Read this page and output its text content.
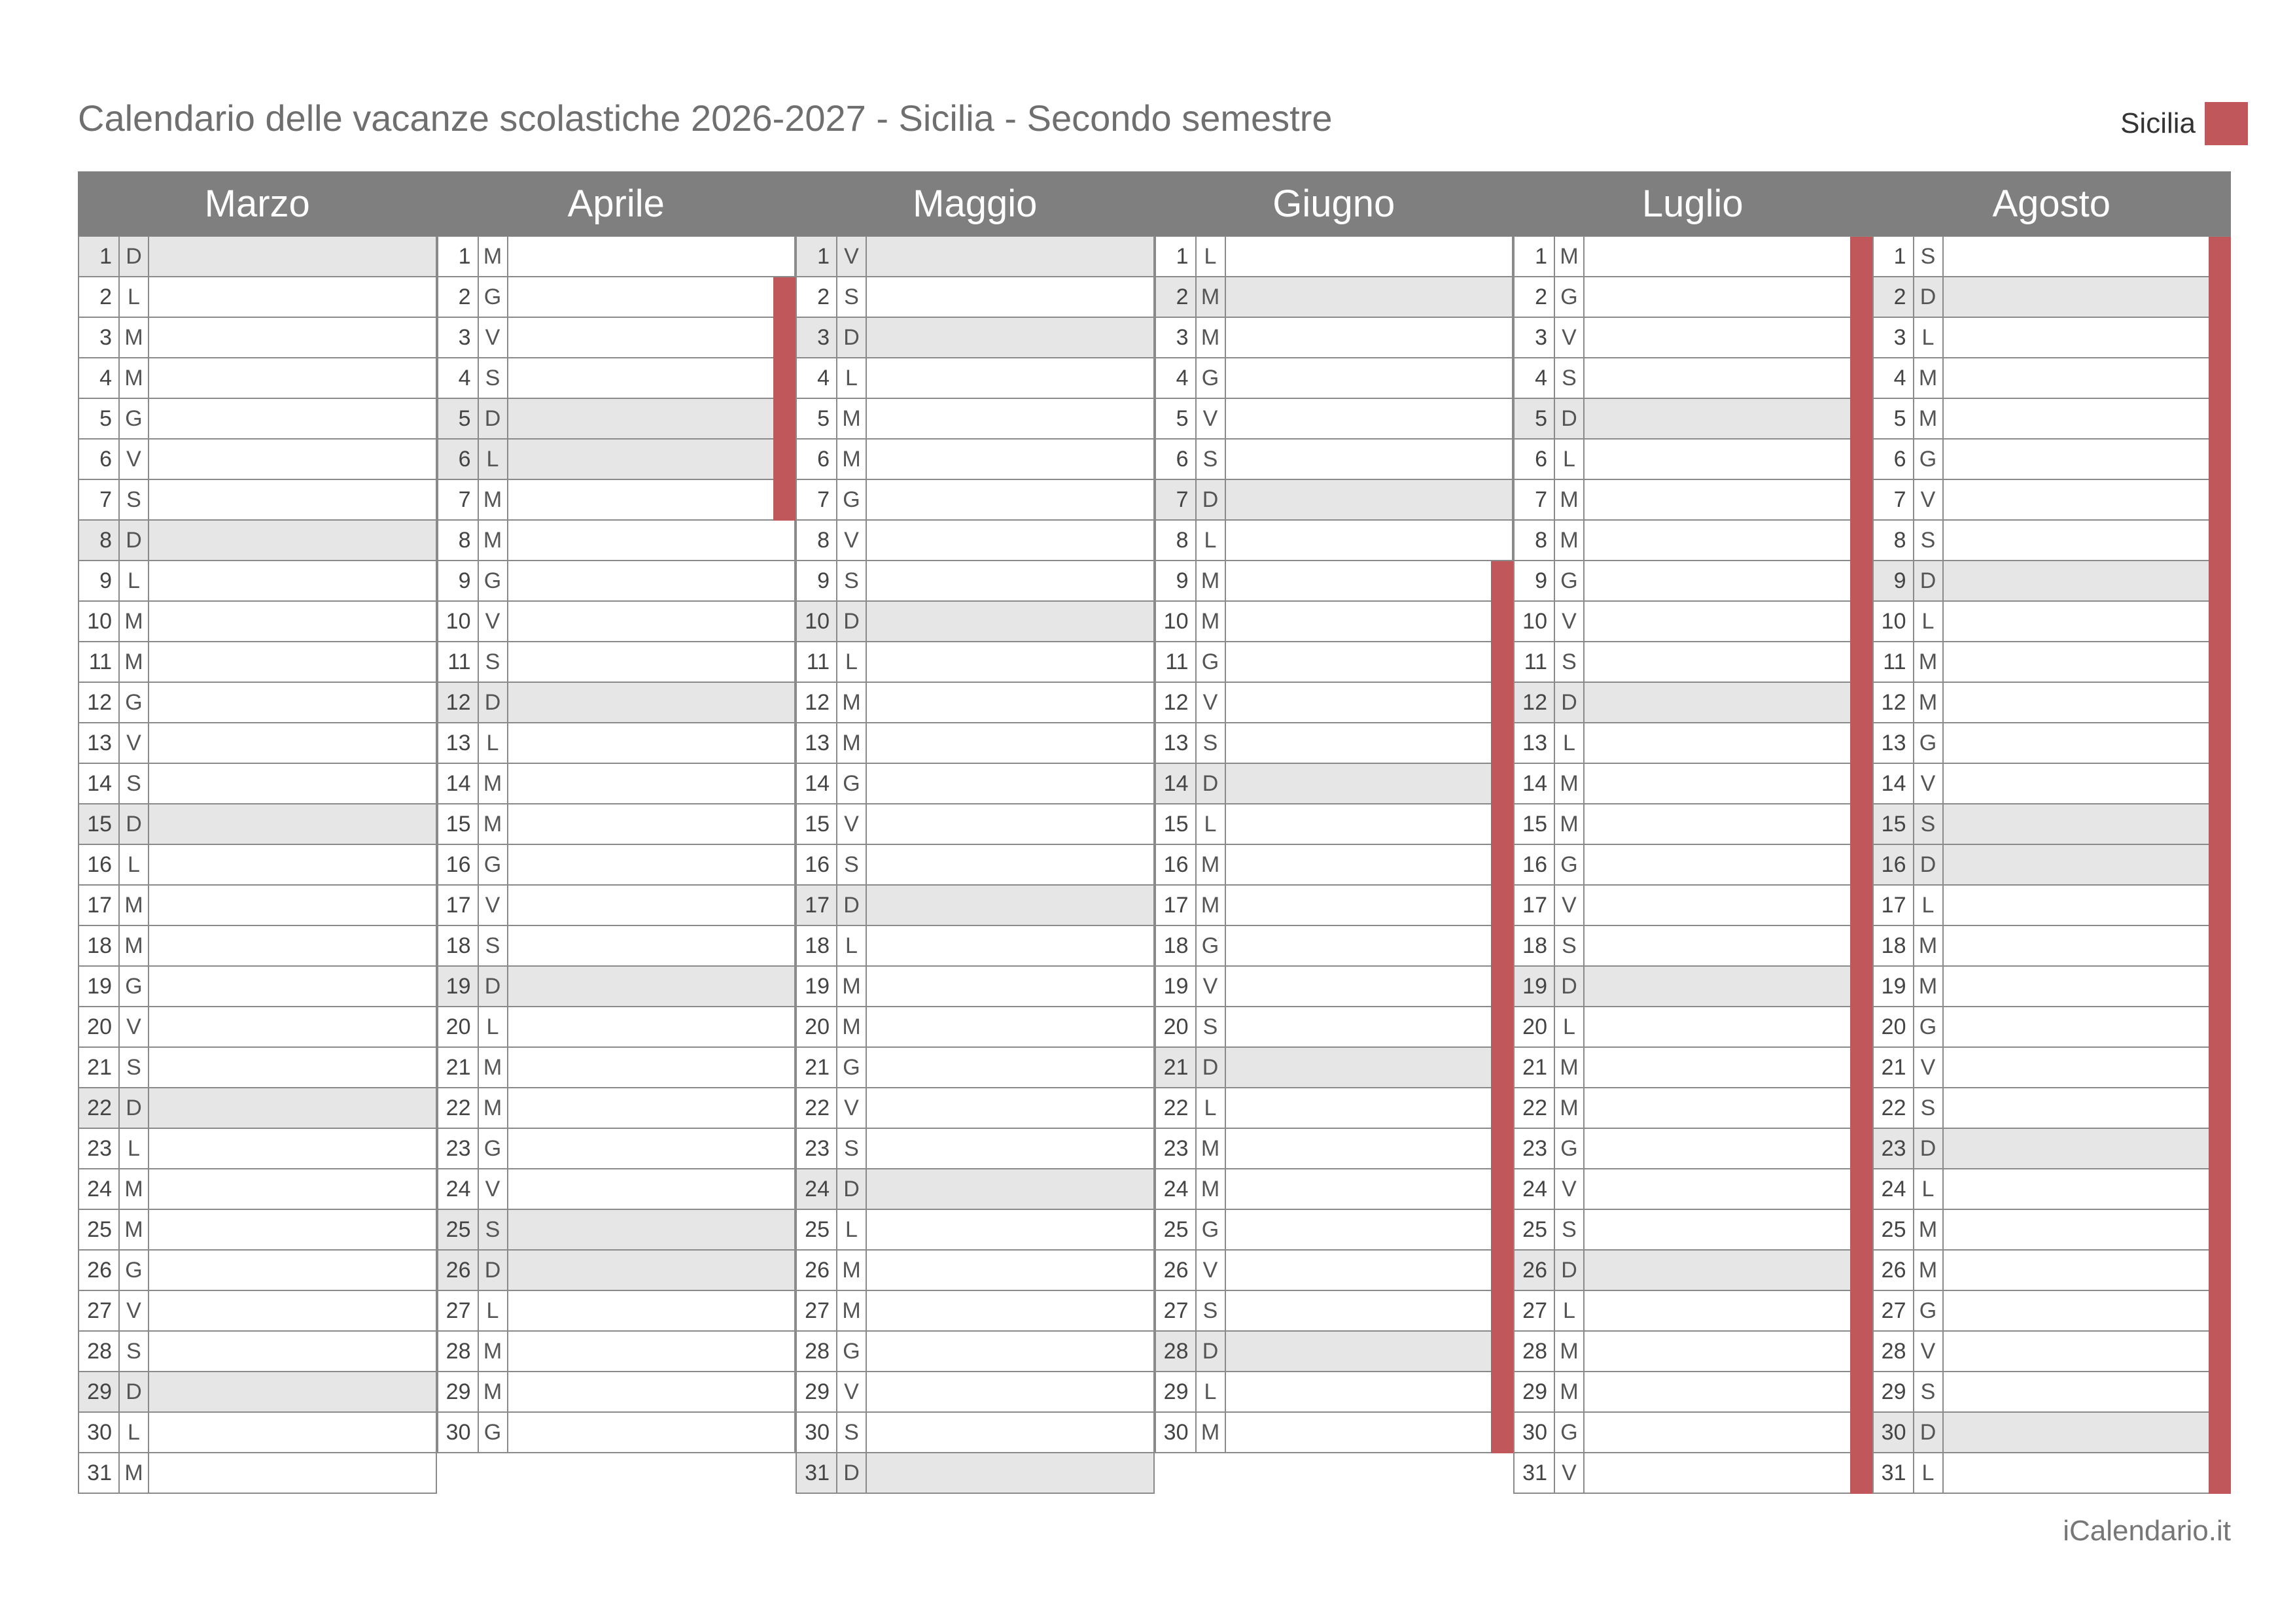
Calendario delle vacanze scolastiche 2026-2027 - Sicilia - Secondo semestre	Sicilia
Marzo
1 D
2 L
3 M
4 M
5 G
6 V
7 S
8 D
9 L
10 M
11 M
12 G
13 V
14 S
15 D
16 L
17 M
18 M
19 G
20 V
21 S
22 D
23 L
24 M
25 M
26 G
27 V
28 S
29 D
30 L
31 M
Aprile
1 M
2 G
3 V
4 S
5 D
6 L
7 M
8 M
9 G
10 V
11 S
12 D
13 L
14 M
15 M
16 G
17 V
18 S
19 D
20 L
21 M
22 M
23 G
24 V
25 S
26 D
27 L
28 M
29 M
30 G
Maggio
1 V
2 S
3 D
4 L
5 M
6 M
7 G
8 V
9 S
10 D
11 L
12 M
13 M
14 G
15 V
16 S
17 D
18 L
19 M
20 M
21 G
22 V
23 S
24 D
25 L
26 M
27 M
28 G
29 V
30 S
31 D
Giugno
1 L
2 M
3 M
4 G
5 V
6 S
7 D
8 L
9 M
10 M
11 G
12 V
13 S
14 D
15 L
16 M
17 M
18 G
19 V
20 S
21 D
22 L
23 M
24 M
25 G
26 V
27 S
28 D
29 L
30 M
Luglio
1 M
2 G
3 V
4 S
5 D
6 L
7 M
8 M
9 G
10 V
11 S
12 D
13 L
14 M
15 M
16 G
17 V
18 S
19 D
20 L
21 M
22 M
23 G
24 V
25 S
26 D
27 L
28 M
29 M
30 G
31 V
Agosto
1 S
2 D
3 L
4 M
5 M
6 G
7 V
8 S
9 D
10 L
11 M
12 M
13 G
14 V
15 S
16 D
17 L
18 M
19 M
20 G
21 V
22 S
23 D
24 L
25 M
26 M
27 G
28 V
29 S
30 D
31 L
iCalendario.it
